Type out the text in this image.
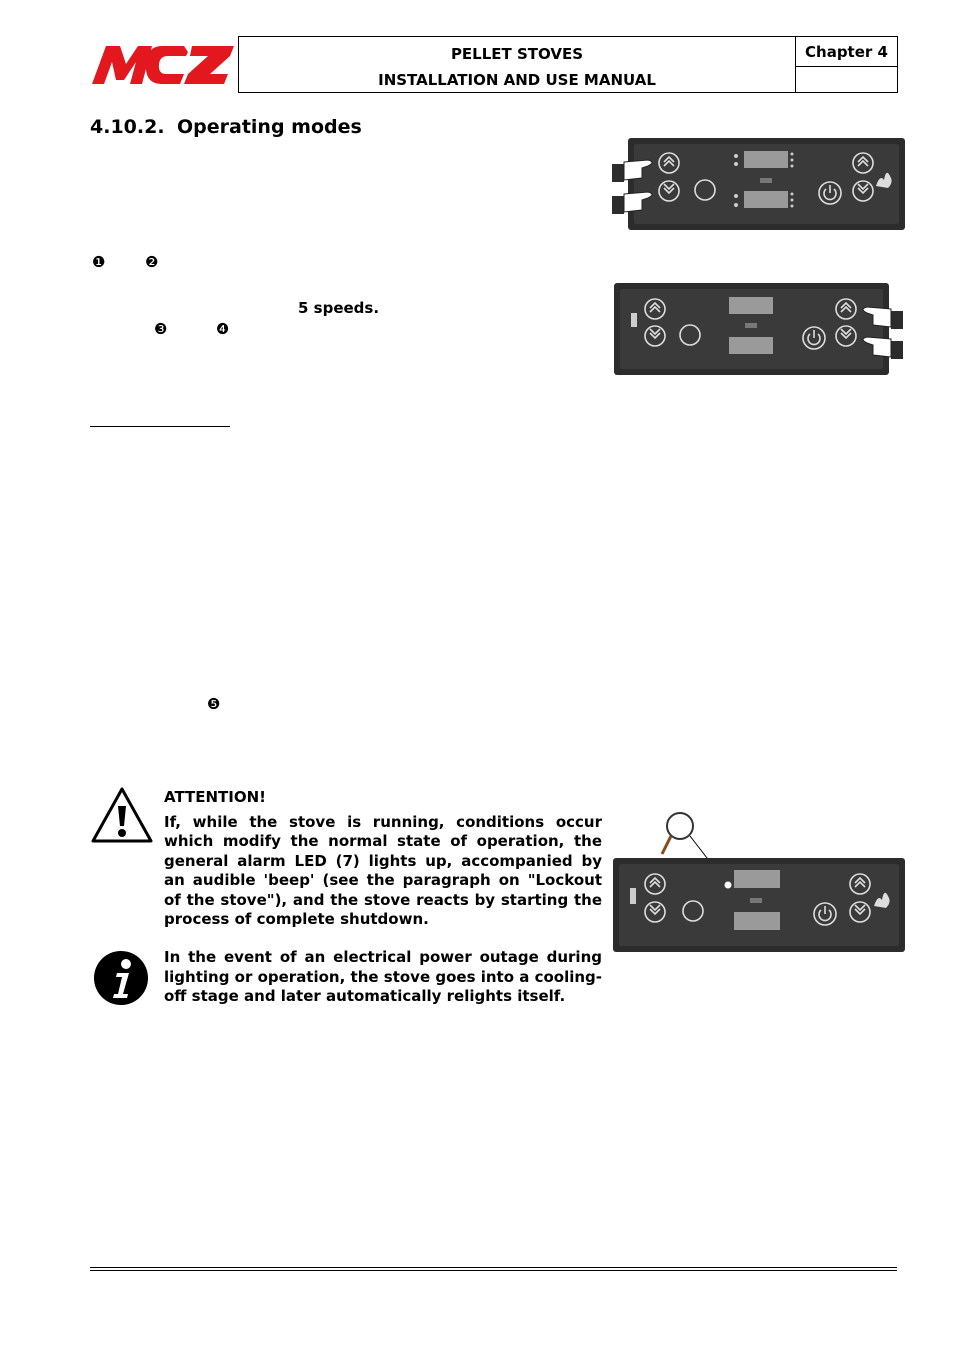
PELLET STOVES
INSTALLATION AND USE MANUAL
Chapter 4
4.10.2. Operating modes
❶	❷
5 speeds.
❸	❹
❺

ATTENTION!

If, while the stove is running, conditions occur which modify the normal state of operation, the general alarm LED (7) lights up, accompanied by an audible 'beep' (see the paragraph on "Lockout of the stove"), and the stove reacts by starting the process of complete shutdown.

In the event of an electrical power outage during lighting or operation, the stove goes into a cooling-off stage and later automatically relights itself.
